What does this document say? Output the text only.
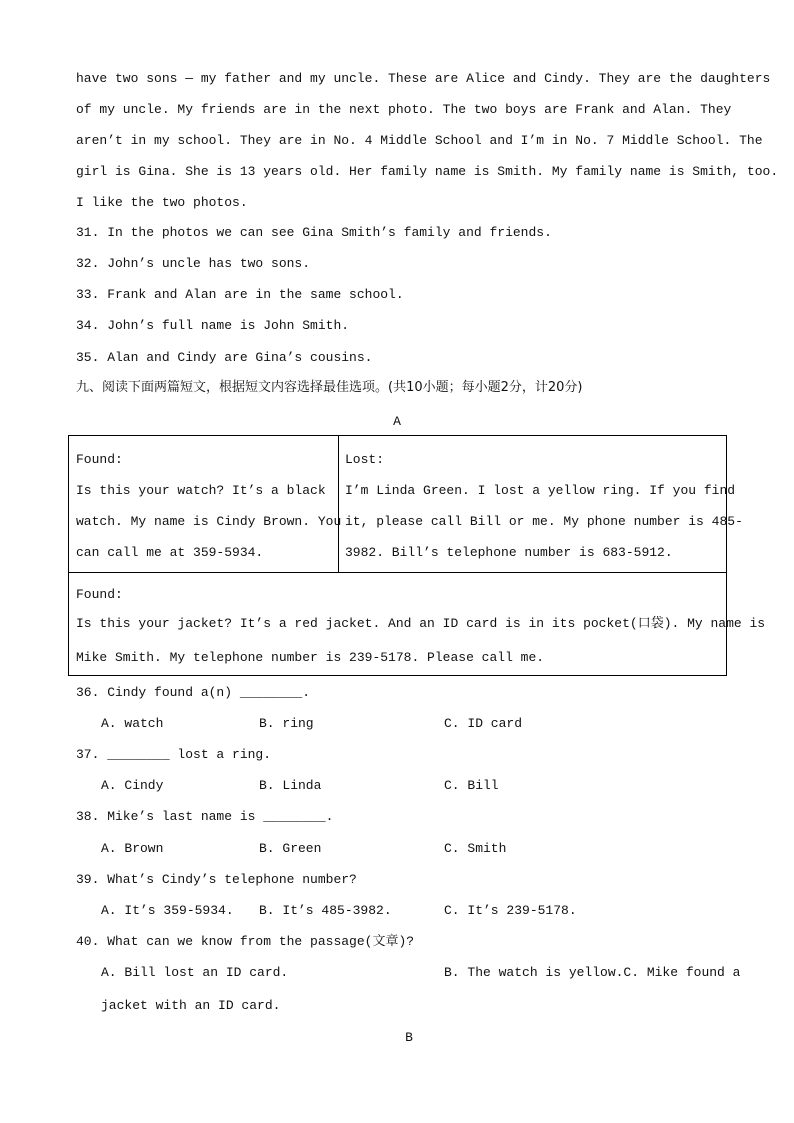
have two sons — my father and my uncle. These are Alice and Cindy. They are the daughters
of my uncle. My friends are in the next photo. The two boys are Frank and Alan. They
aren’t in my school. They are in No. 4 Middle School and I’m in No. 7 Middle School. The
girl is Gina. She is 13 years old. Her family name is Smith. My family name is Smith, too.
I like the two photos.
31. In the photos we can see Gina Smith’s family and friends.
32. John’s uncle has two sons.
33. Frank and Alan are in the same school.
34. John’s full name is John Smith.
35. Alan and Cindy are Gina’s cousins.
九、阅读下面两篇短文，根据短文内容选择最佳选项。(共10小题；每小题2分，计20分)
A
Found:
Is this your watch? It’s a black
watch. My name is Cindy Brown. You
can call me at 359-5934.
Lost:
I’m Linda Green. I lost a yellow ring. If you find
it, please call Bill or me. My phone number is 485-
3982. Bill’s telephone number is 683-5912.
Found:
Is this your jacket? It’s a red jacket. And an ID card is in its pocket(口袋). My name is
Mike Smith. My telephone number is 239-5178. Please call me.
36. Cindy found a(n) ________.
A. watch	B. ring	C. ID card
37. ________ lost a ring.
A. Cindy	B. Linda	C. Bill
38. Mike’s last name is ________.
A. Brown	B. Green	C. Smith
39. What’s Cindy’s telephone number?
A. It’s 359-5934. B. It’s 485-3982.	C. It’s 239-5178.
40. What can we know from the passage(文章)?
A. Bill lost an ID card.	B. The watch is yellow.C. Mike found a
jacket with an ID card.
B
